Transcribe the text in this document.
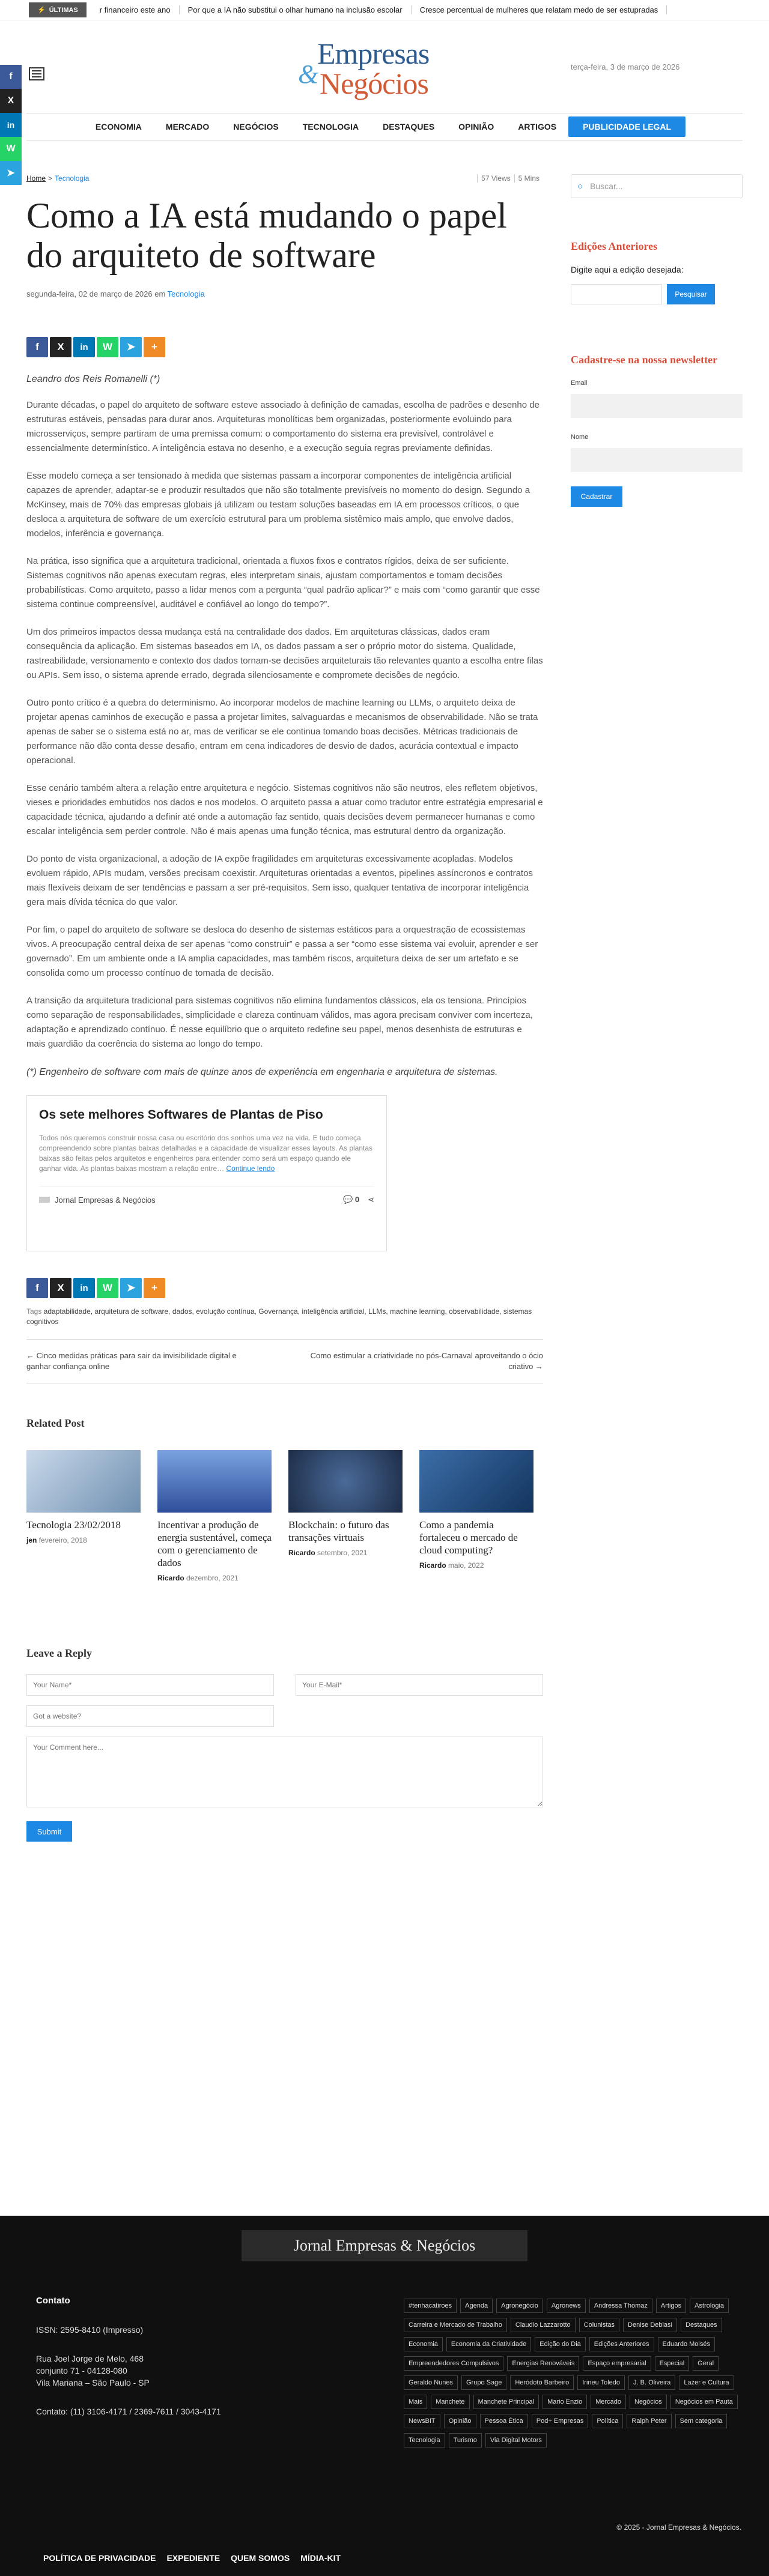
⚡ ÚLTIMAS	r financeiro este ano	Por que a IA não substitui o olhar humano na inclusão escolar	Cresce percentual de mulheres que relatam medo de ser estupradas
f
X
in
W
➤
Empresas
& Negócios	terça-feira, 3 de março de 2026
ECONOMIA	MERCADO	NEGÓCIOS	TECNOLOGIA	DESTAQUES	OPINIÃO	ARTIGOS	PUBLICIDADE LEGAL
Home > Tecnologia	57 Views 5 Mins
Como a IA está mudando o papel do arquiteto de software
segunda-feira, 02 de março de 2026 em Tecnologia
f	X	in	W	➤	+
Leandro dos Reis Romanelli (*)

Durante décadas, o papel do arquiteto de software esteve associado à definição de camadas, escolha de padrões e desenho de estruturas estáveis, pensadas para durar anos. Arquiteturas monolíticas bem organizadas, posteriormente evoluindo para microsserviços, sempre partiram de uma premissa comum: o comportamento do sistema era previsível, controlável e essencialmente determinístico. A inteligência estava no desenho, e a execução seguia regras previamente definidas.

Esse modelo começa a ser tensionado à medida que sistemas passam a incorporar componentes de inteligência artificial capazes de aprender, adaptar-se e produzir resultados que não são totalmente previsíveis no momento do design. Segundo a McKinsey, mais de 70% das empresas globais já utilizam ou testam soluções baseadas em IA em processos críticos, o que desloca a arquitetura de software de um exercício estrutural para um problema sistêmico mais amplo, que envolve dados, modelos, inferência e governança.

Na prática, isso significa que a arquitetura tradicional, orientada a fluxos fixos e contratos rígidos, deixa de ser suficiente. Sistemas cognitivos não apenas executam regras, eles interpretam sinais, ajustam comportamentos e tomam decisões probabilísticas. Como arquiteto, passo a lidar menos com a pergunta “qual padrão aplicar?” e mais com “como garantir que esse sistema continue compreensível, auditável e confiável ao longo do tempo?”.

Um dos primeiros impactos dessa mudança está na centralidade dos dados. Em arquiteturas clássicas, dados eram consequência da aplicação. Em sistemas baseados em IA, os dados passam a ser o próprio motor do sistema. Qualidade, rastreabilidade, versionamento e contexto dos dados tornam-se decisões arquiteturais tão relevantes quanto a escolha entre filas ou APIs. Sem isso, o sistema aprende errado, degrada silenciosamente e compromete decisões de negócio.

Outro ponto crítico é a quebra do determinismo. Ao incorporar modelos de machine learning ou LLMs, o arquiteto deixa de projetar apenas caminhos de execução e passa a projetar limites, salvaguardas e mecanismos de observabilidade. Não se trata apenas de saber se o sistema está no ar, mas de verificar se ele continua tomando boas decisões. Métricas tradicionais de performance não dão conta desse desafio, entram em cena indicadores de desvio de dados, acurácia contextual e impacto operacional.

Esse cenário também altera a relação entre arquitetura e negócio. Sistemas cognitivos não são neutros, eles refletem objetivos, vieses e prioridades embutidos nos dados e nos modelos. O arquiteto passa a atuar como tradutor entre estratégia empresarial e capacidade técnica, ajudando a definir até onde a automação faz sentido, quais decisões devem permanecer humanas e como escalar inteligência sem perder controle. Não é mais apenas uma função técnica, mas estrutural dentro da organização.

Do ponto de vista organizacional, a adoção de IA expõe fragilidades em arquiteturas excessivamente acopladas. Modelos evoluem rápido, APIs mudam, versões precisam coexistir. Arquiteturas orientadas a eventos, pipelines assíncronos e contratos mais flexíveis deixam de ser tendências e passam a ser pré-requisitos. Sem isso, qualquer tentativa de incorporar inteligência gera mais dívida técnica do que valor.

Por fim, o papel do arquiteto de software se desloca do desenho de sistemas estáticos para a orquestração de ecossistemas vivos. A preocupação central deixa de ser apenas “como construir” e passa a ser “como esse sistema vai evoluir, aprender e ser governado”. Em um ambiente onde a IA amplia capacidades, mas também riscos, arquitetura deixa de ser um artefato e se consolida como um processo contínuo de tomada de decisão.

A transição da arquitetura tradicional para sistemas cognitivos não elimina fundamentos clássicos, ela os tensiona. Princípios como separação de responsabilidades, simplicidade e clareza continuam válidos, mas agora precisam conviver com incerteza, adaptação e aprendizado contínuo. É nesse equilíbrio que o arquiteto redefine seu papel, menos desenhista de estruturas e mais guardião da coerência do sistema ao longo do tempo.

(*) Engenheiro de software com mais de quinze anos de experiência em engenharia e arquitetura de sistemas.
Os sete melhores Softwares de Plantas de Piso

Todos nós queremos construir nossa casa ou escritório dos sonhos uma vez na vida. E tudo começa compreendendo sobre plantas baixas detalhadas e a capacidade de visualizar esses layouts. As plantas baixas são feitas pelos arquitetos e engenheiros para entender como será um espaço quando ele ganhar vida. As plantas baixas mostram a relação entre… Continue lendo

Jornal Empresas & Negócios	💬 0 ⋖
f	X	in	W	➤	+
Tags adaptabilidade, arquitetura de software, dados, evolução contínua, Governança, inteligência artificial, LLMs, machine learning, observabilidade, sistemas cognitivos
← Cinco medidas práticas para sair da invisibilidade digital e ganhar confiança online
Como estimular a criatividade no pós-Carnaval aproveitando o ócio criativo →
Related Post
Tecnologia 23/02/2018
jen fevereiro, 2018
Incentivar a produção de energia sustentável, começa com o gerenciamento de dados
Ricardo dezembro, 2021
Blockchain: o futuro das transações virtuais
Ricardo setembro, 2021
Como a pandemia fortaleceu o mercado de cloud computing?
Ricardo maio, 2022
Leave a Reply
Your Name*
Your E-Mail*
Got a website? Your Comment here...
Submit
○ Buscar...
Edições Anteriores
Digite aqui a edição desejada:
Pesquisar
Cadastre-se na nossa newsletter
Email
Nome
Cadastrar
Jornal Empresas & Negócios
Contato
ISSN: 2595-8410 (Impresso)
Rua Joel Jorge de Melo, 468
conjunto 71 - 04128-080
Vila Mariana – São Paulo - SP
Contato: (11) 3106-4171 / 2369-7611 / 3043-4171
#tenhacatiroes	Agenda	Agronegócio	Agronews	Andressa Thomaz	Artigos	Astrologia
Carreira e Mercado de Trabalho	Claudio Lazzarotto	Colunistas	Denise Debiasi	Destaques
Economia	Economia da Criatividade	Edição do Dia	Edições Anteriores	Eduardo Moisés
Empreendedores Compulsivos	Energias Renováveis	Espaço empresarial	Especial	Geral
Geraldo Nunes	Grupo Sage	Heródoto Barbeiro	Irineu Toledo	J. B. Oliveira	Lazer e Cultura
Mais	Manchete	Manchete Principal	Mario Enzio	Mercado	Negócios	Negócios em Pauta
NewsBIT	Opinião	Pessoa Ética	Pod+ Empresas	Política	Ralph Peter	Sem categoria
Tecnologia	Turismo	Via Digital Motors
© 2025 - Jornal Empresas & Negócios.
POLÍTICA DE PRIVACIDADE EXPEDIENTE QUEM SOMOS MÍDIA-KIT
